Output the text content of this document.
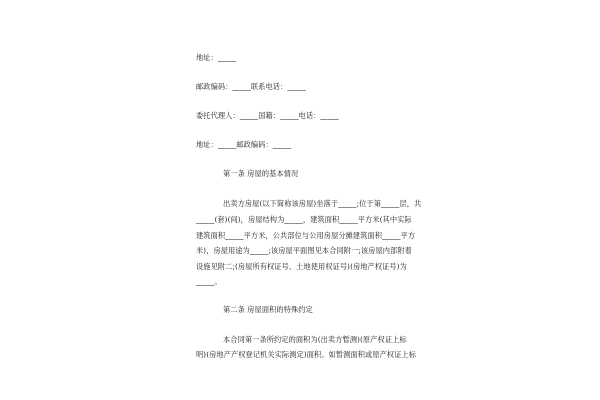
地址：_____
邮政编码：_____联系电话：_____
委托代理人：_____国籍：_____电话：_____
地址：_____邮政编码：_____
第一条 房屋的基本情况
出卖方房屋(以下简称该房屋)坐落于_____;位于第_____层，共
_____(套)(间)，房屋结构为_____，建筑面积_____平方米(其中实际
建筑面积_____平方米，公共部位与公用房屋分摊建筑面积_____平方
米)，房屋用途为_____;该房屋平面图见本合同附一;该房屋内部附着
设施见附二;(房屋所有权证号、土地使用权证号)(房地产权证号)为
_____。
第二条 房屋面积的特殊约定
本合同第一条所约定的面积为(出卖方暂测)(原产权证上标
明)(房地产产权登记机关实际测定)面积。如暂测面积或原产权证上标
